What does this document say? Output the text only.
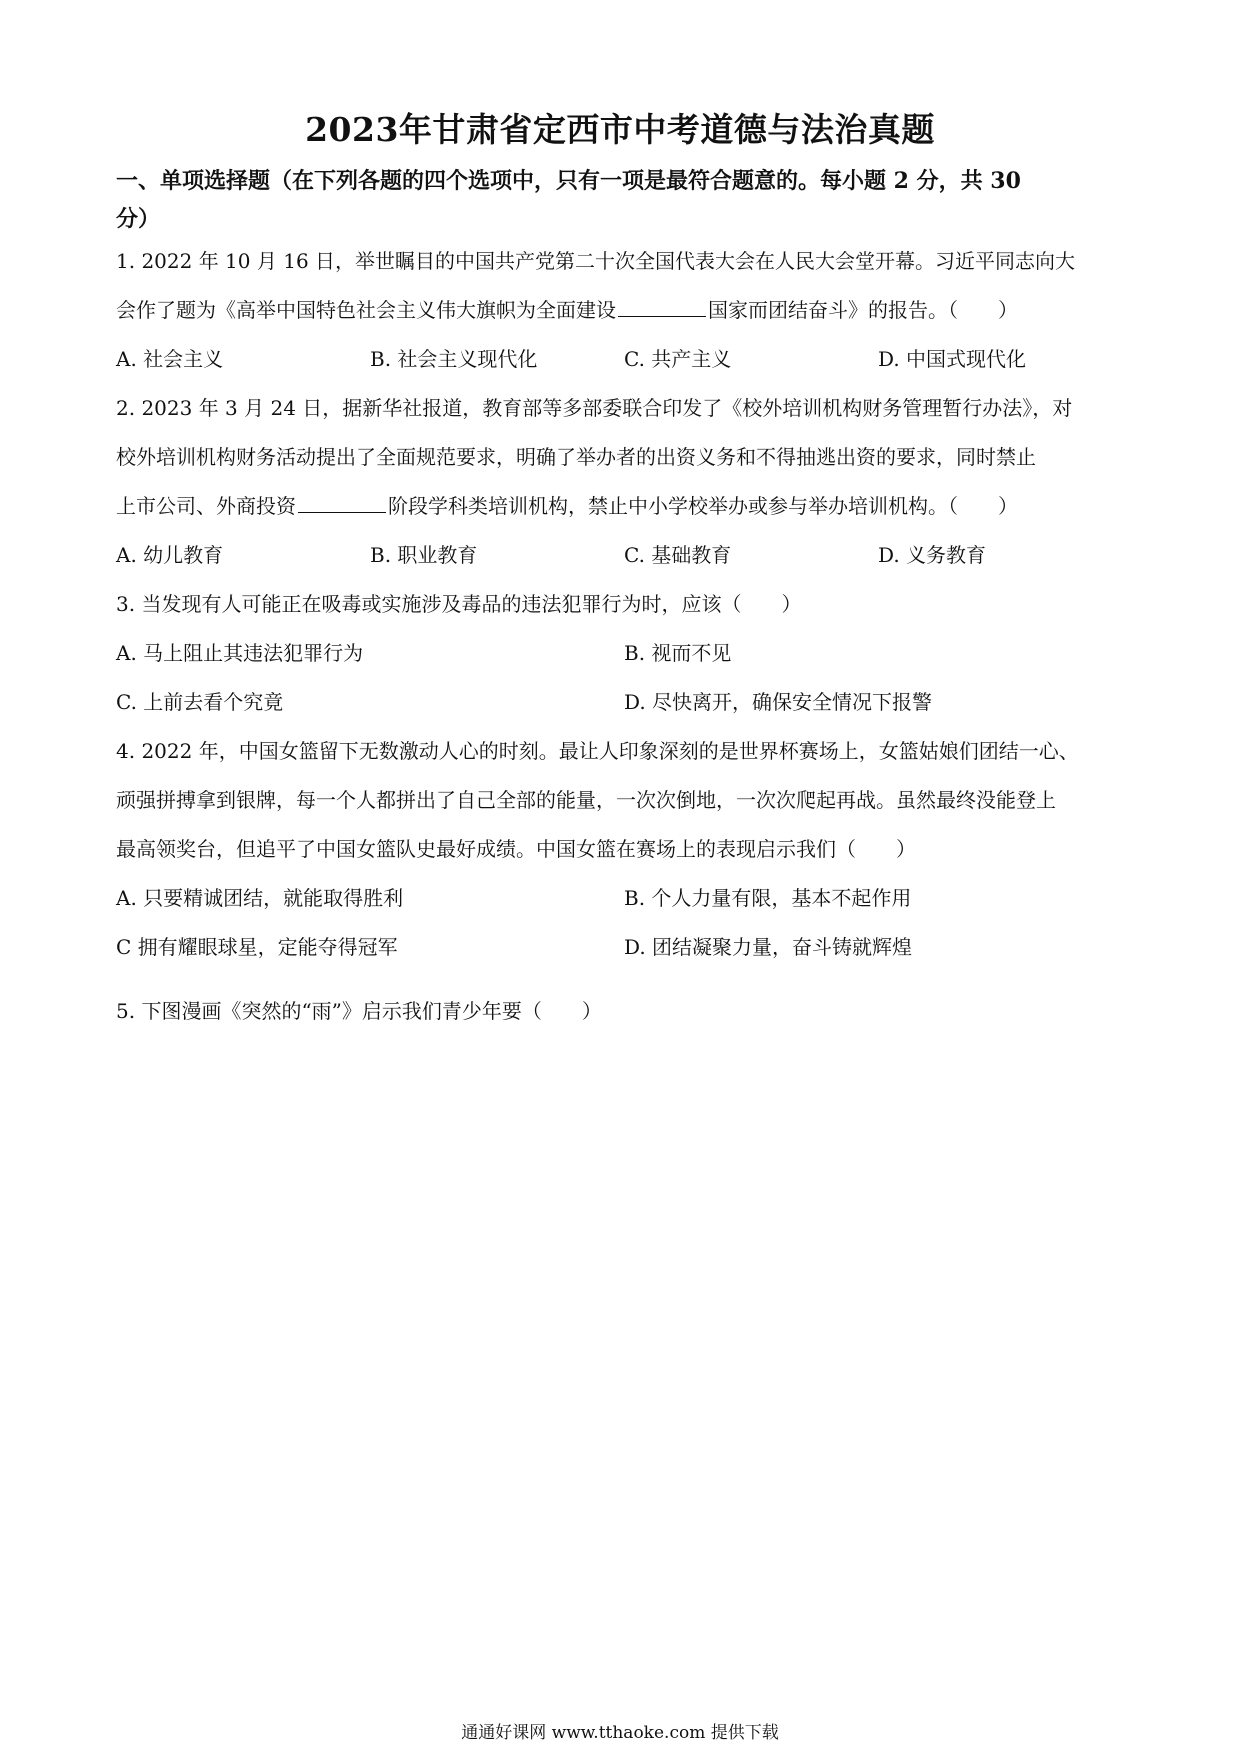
2023年甘肃省定西市中考道德与法治真题
一、单项选择题（在下列各题的四个选项中，只有一项是最符合题意的。每小题 2 分，共 30
分）
1. 2022 年 10 月 16 日，举世瞩目的中国共产党第二十次全国代表大会在人民大会堂开幕。习近平同志向大
会作了题为《高举中国特色社会主义伟大旗帜为全面建设	国家而团结奋斗》的报告。（　　）
A. 社会主义	B. 社会主义现代化	C. 共产主义	D. 中国式现代化
2. 2023 年 3 月 24 日，据新华社报道，教育部等多部委联合印发了《校外培训机构财务管理暂行办法》，对
校外培训机构财务活动提出了全面规范要求，明确了举办者的出资义务和不得抽逃出资的要求，同时禁止
上市公司、外商投资	阶段学科类培训机构，禁止中小学校举办或参与举办培训机构。（　　）
A. 幼儿教育	B. 职业教育	C. 基础教育	D. 义务教育
3. 当发现有人可能正在吸毒或实施涉及毒品的违法犯罪行为时，应该（　　）
A. 马上阻止其违法犯罪行为	B. 视而不见
C. 上前去看个究竟	D. 尽快离开，确保安全情况下报警
4. 2022 年，中国女篮留下无数激动人心的时刻。最让人印象深刻的是世界杯赛场上，女篮姑娘们团结一心、
顽强拼搏拿到银牌，每一个人都拼出了自己全部的能量，一次次倒地，一次次爬起再战。虽然最终没能登上
最高领奖台，但追平了中国女篮队史最好成绩。中国女篮在赛场上的表现启示我们（　　）
A. 只要精诚团结，就能取得胜利	B. 个人力量有限，基本不起作用
C 拥有耀眼球星，定能夺得冠军	D. 团结凝聚力量，奋斗铸就辉煌
5. 下图漫画《突然的“雨”》启示我们青少年要（　　）
通通好课网 www.tthaoke.com 提供下载
